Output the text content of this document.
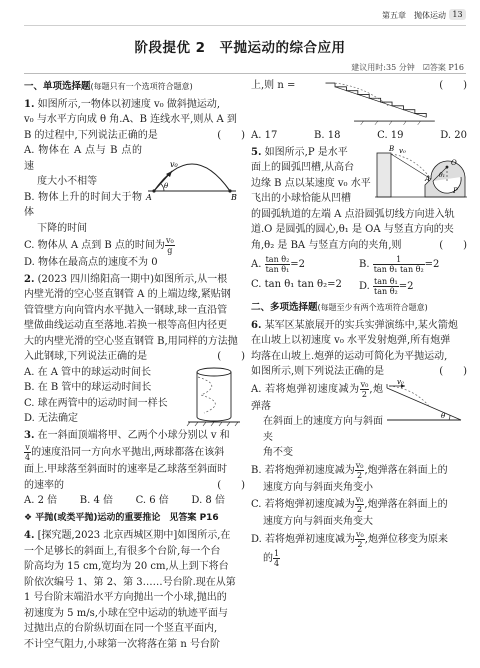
第五章　抛体运动 13
阶段提优 2　平抛运动的综合应用
建议用时:35 分钟　☑答案 P16
一、单项选择题(每题只有一个选项符合题意)
1. 如图所示,一物体以初速度 v₀ 做斜抛运动,
v₀ 与水平方向成 θ 角.A、B 连线水平,则从 A 到
B 的过程中,下列说法正确的是	(　　)
A. 物体在 A 点与 B 点的速
　 度大小不相等
B. 物体上升的时间大于物体
　 下降的时间
v₀
θ
A	B
C. 物体从 A 点到 B 点的时间为 $\frac{\text{v₀}}{g}$
D. 物体在最高点的速度不为 0
2. (2023 四川绵阳高一期中)如图所示,从一根
内壁光滑的空心竖直钢管 A 的上端边缘,紧贴钢
管管壁方向向管内水平抛入一钢球,球一直沿管
壁做曲线运动直至落地.若换一根等高但内径更
大的内壁光滑的空心竖直钢管 B,用同样的方法抛
入此钢球,下列说法正确的是	(　　)
A. 在 A 管中的球运动时间长
B. 在 B 管中的球运动时间长
C. 球在两管中的运动时间一样长
D. 无法确定
3. 在一斜面顶端将甲、乙两个小球分别以 v 和
$\frac{v}{4}$ 的速度沿同一方向水平抛出,两球都落在该斜
面上.甲球落至斜面时的速率是乙球落至斜面时
的速率的	(　　)
A. 2 倍 B. 4 倍 C. 6 倍 D. 8 倍
❖ 平抛(或类平抛)运动的重要推论　见答案 P16
4. [探究题,2023 北京西城区期中]如图所示,在
一个足够长的斜面上,有很多个台阶,每一个台
阶高均为 15 cm,宽均为 20 cm,从上到下将台
阶依次编号 1、第 2、第 3……号台阶.现在从第
1 号台阶末端沿水平方向抛出一个小球,抛出的
初速度为 5 m/s,小球在空中运动的轨迹平面与
过抛出点的台阶纵切面在同一个竖直平面内,
不计空气阻力,小球第一次将落在第 n 号台阶
上,则 n =	(　　)
A. 17	B. 18	C. 19	D. 20
5. 如图所示,P 是水平
面上的圆弧凹槽,从高台
边缘 B 点以某速度 v₀ 水平
飞出的小球恰能从凹槽
B v₀
O
θ₁
A
P
的圆弧轨道的左端 A 点沿圆弧切线方向进入轨
道.O 是圆弧的圆心,θ₁ 是 OA 与竖直方向的夹
角,θ₂ 是 BA 与竖直方向的夹角,则	(　　)
A. $\frac{\text{tan θ₂}}{\text{tan θ₁}} =2$	B. $\frac{1}{\text{tan θ₁ tan θ₂}} =2$
C. tan θ₁ tan θ₂=2	D. $\frac{\text{tan θ₁}}{\text{tan θ₂}} =2$
二、多项选择题(每题至少有两个选项符合题意)
6. 某军区某旅展开的实兵实弹演练中,某火箭炮
在山坡上以初速度 v₀ 水平发射炮弹,所有炮弹
均落在山坡上.炮弹的运动可简化为平抛运动,
如图所示,则下列说法正确的是	(　　)
A. 若将炮弹初速度减为 $\frac{\text{v₀}}{2}$ ,炮弹落
在斜面上的速度方向与斜面夹
角不变
v₀
θ
B. 若将炮弹初速度减为 $\frac{\text{v₀}}{2}$ ,炮弹落在斜面上的
速度方向与斜面夹角变小
C. 若将炮弹初速度减为 $\frac{\text{v₀}}{2}$ ,炮弹落在斜面上的
速度方向与斜面夹角变大
D. 若将炮弹初速度减为 $\frac{\text{v₀}}{2}$ ,炮弹位移变为原来
的 $\frac{1}{4}$
